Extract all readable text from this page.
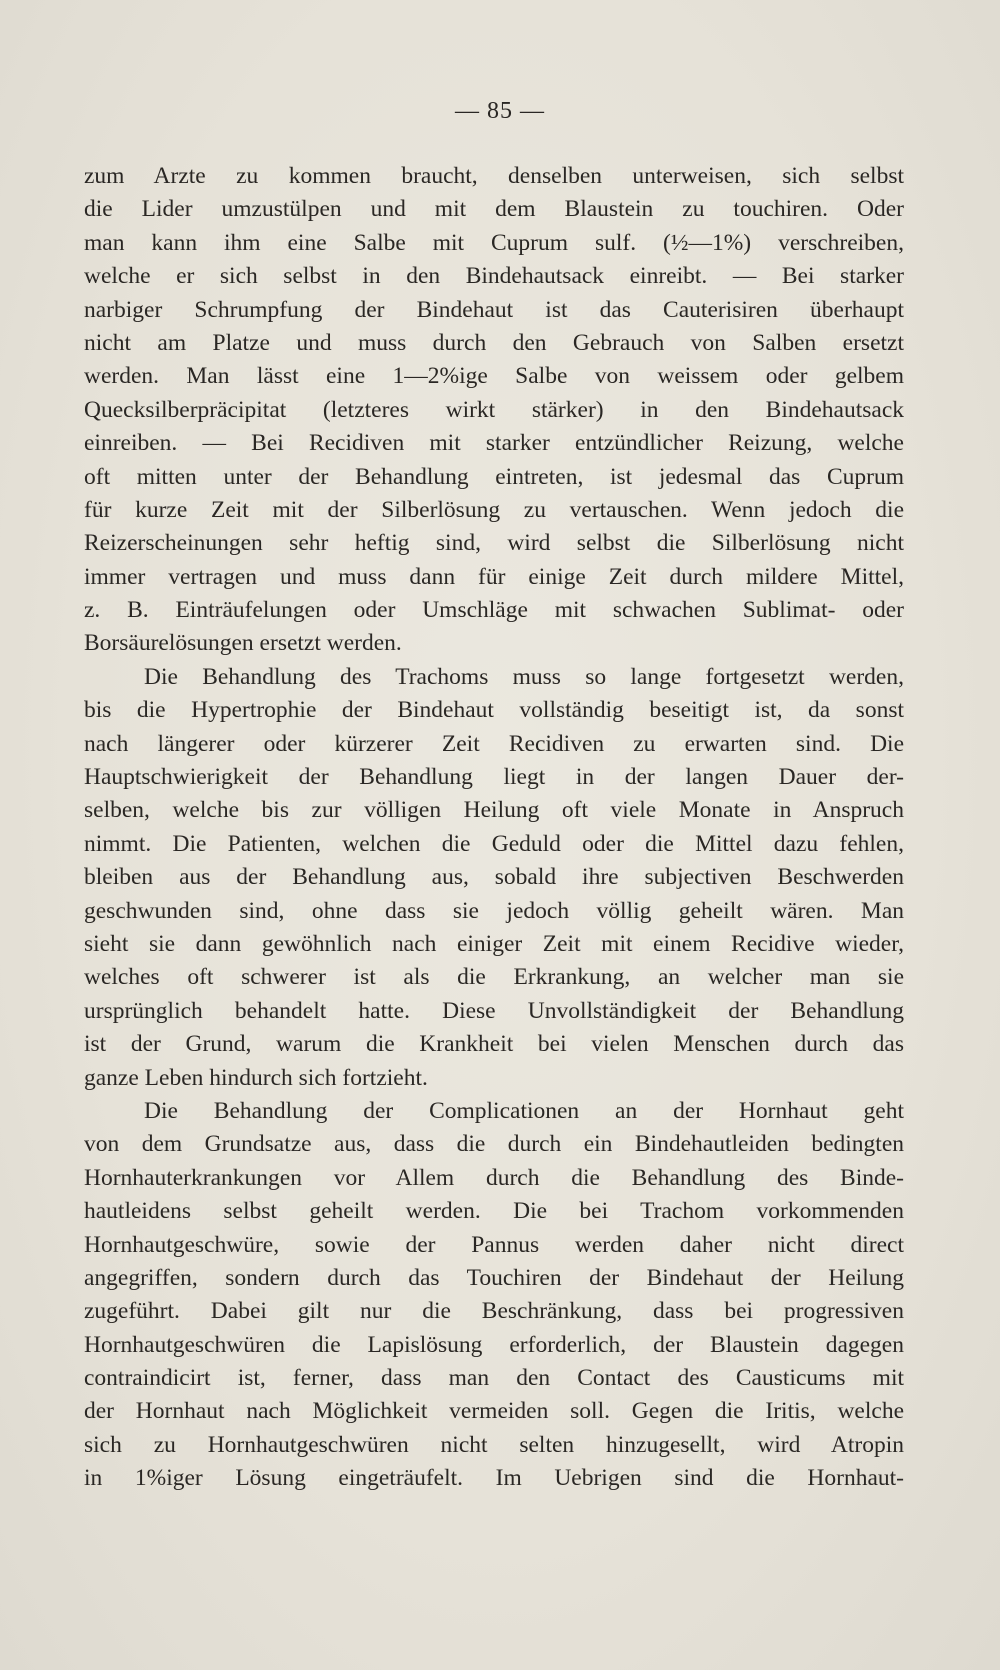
— 85 —
zum Arzte zu kommen braucht, denselben unterweisen, sich selbst
die Lider umzustülpen und mit dem Blaustein zu touchiren. Oder
man kann ihm eine Salbe mit Cuprum sulf. (½—1%) verschreiben,
welche er sich selbst in den Bindehautsack einreibt. — Bei starker
narbiger Schrumpfung der Bindehaut ist das Cauterisiren überhaupt
nicht am Platze und muss durch den Gebrauch von Salben ersetzt
werden. Man lässt eine 1—2%ige Salbe von weissem oder gelbem
Quecksilberpräcipitat (letzteres wirkt stärker) in den Bindehautsack
einreiben. — Bei Recidiven mit starker entzündlicher Reizung, welche
oft mitten unter der Behandlung eintreten, ist jedesmal das Cuprum
für kurze Zeit mit der Silberlösung zu vertauschen. Wenn jedoch die
Reizerscheinungen sehr heftig sind, wird selbst die Silberlösung nicht
immer vertragen und muss dann für einige Zeit durch mildere Mittel,
z. B. Einträufelungen oder Umschläge mit schwachen Sublimat- oder
Borsäurelösungen ersetzt werden.
Die Behandlung des Trachoms muss so lange fortgesetzt werden,
bis die Hypertrophie der Bindehaut vollständig beseitigt ist, da sonst
nach längerer oder kürzerer Zeit Recidiven zu erwarten sind. Die
Hauptschwierigkeit der Behandlung liegt in der langen Dauer der-
selben, welche bis zur völligen Heilung oft viele Monate in Anspruch
nimmt. Die Patienten, welchen die Geduld oder die Mittel dazu fehlen,
bleiben aus der Behandlung aus, sobald ihre subjectiven Beschwerden
geschwunden sind, ohne dass sie jedoch völlig geheilt wären. Man
sieht sie dann gewöhnlich nach einiger Zeit mit einem Recidive wieder,
welches oft schwerer ist als die Erkrankung, an welcher man sie
ursprünglich behandelt hatte. Diese Unvollständigkeit der Behandlung
ist der Grund, warum die Krankheit bei vielen Menschen durch das
ganze Leben hindurch sich fortzieht.
Die Behandlung der Complicationen an der Hornhaut geht
von dem Grundsatze aus, dass die durch ein Bindehautleiden bedingten
Hornhauterkrankungen vor Allem durch die Behandlung des Binde-
hautleidens selbst geheilt werden. Die bei Trachom vorkommenden
Hornhautgeschwüre, sowie der Pannus werden daher nicht direct
angegriffen, sondern durch das Touchiren der Bindehaut der Heilung
zugeführt. Dabei gilt nur die Beschränkung, dass bei progressiven
Hornhautgeschwüren die Lapislösung erforderlich, der Blaustein dagegen
contraindicirt ist, ferner, dass man den Contact des Causticums mit
der Hornhaut nach Möglichkeit vermeiden soll. Gegen die Iritis, welche
sich zu Hornhautgeschwüren nicht selten hinzugesellt, wird Atropin
in 1%iger Lösung eingeträufelt. Im Uebrigen sind die Hornhaut-
